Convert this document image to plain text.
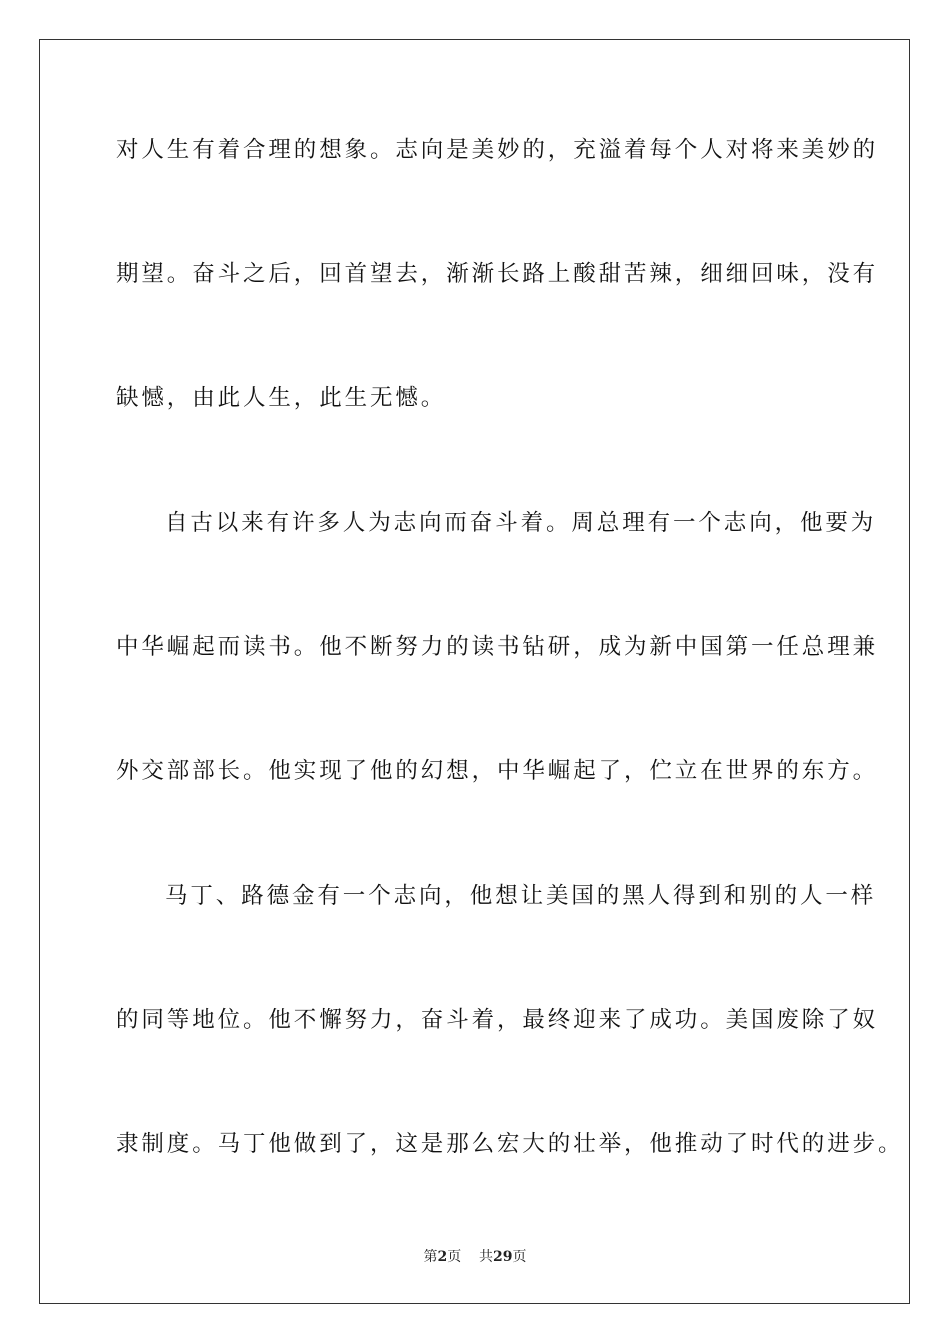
对人生有着合理的想象。志向是美妙的，充溢着每个人对将来美妙的
期望。奋斗之后，回首望去，渐渐长路上酸甜苦辣，细细回味，没有
缺憾，由此人生，此生无憾。
自古以来有许多人为志向而奋斗着。周总理有一个志向，他要为
中华崛起而读书。他不断努力的读书钻研，成为新中国第一任总理兼
外交部部长。他实现了他的幻想，中华崛起了，伫立在世界的东方。
马丁、路德金有一个志向，他想让美国的黑人得到和别的人一样
的同等地位。他不懈努力，奋斗着，最终迎来了成功。美国废除了奴
隶制度。马丁他做到了，这是那么宏大的壮举，他推动了时代的进步。
第2页 共29页
